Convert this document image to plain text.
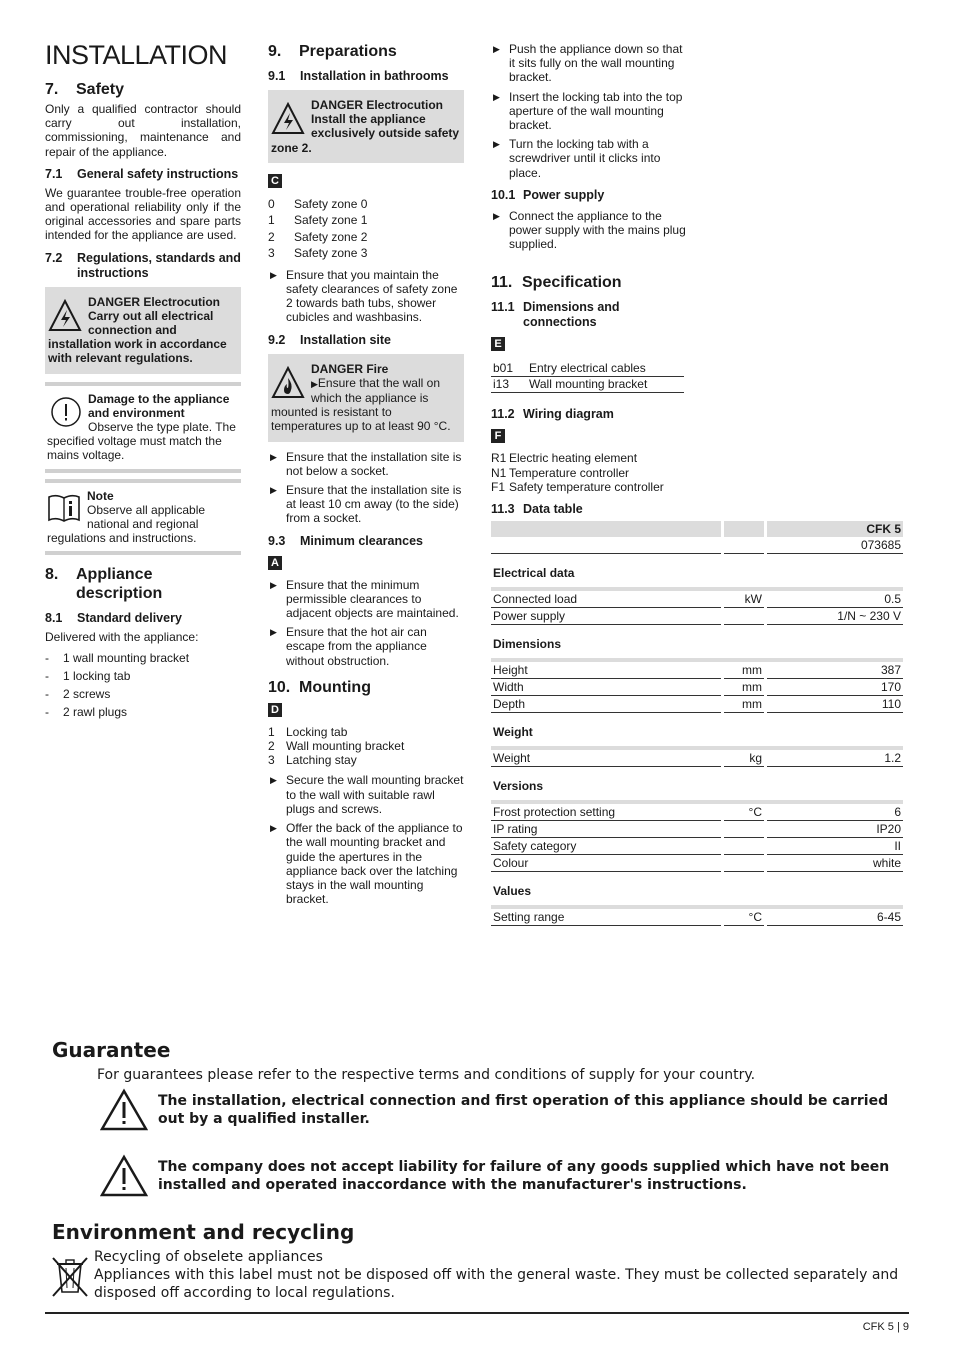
INSTALLATION
7.	Safety

Only a qualified contractor should carry out installation, commissioning, maintenance and repair of the appliance.

7.1	General safety instructions

We guarantee trouble-free operation and operational reliability only if the original accessories and spare parts intended for the appliance are used.

7.2	Regulations, standards and instructions
DANGER Electrocution
Carry out all electrical connection and installation work in accordance with relevant regulations.
Damage to the appliance and environment
Observe the type plate. The specified voltage must match the mains voltage.
Note
Observe all applicable national and regional regulations and instructions.
8.	Appliance description
8.1	Standard delivery

Delivered with the appliance:

- 1 wall mounting bracket
- 1 locking tab
- 2 screws
- 2 rawl plugs
9.	Preparations
9.1	Installation in bathrooms
DANGER Electrocution
Install the appliance exclusively outside safety zone 2.
C
0	Safety zone 0
1	Safety zone 1
2	Safety zone 2
3	Safety zone 3
▶ Ensure that you maintain the safety clearances of safety zone 2 towards bath tubs, shower cubicles and washbasins.
9.2	Installation site
DANGER Fire
▶Ensure that the wall on which the appliance is mounted is resistant to temperatures up to at least 90 °C.
▶ Ensure that the installation site is not below a socket.
▶ Ensure that the installation site is at least 10 cm away (to the side) from a socket.
9.3	Minimum clearances
A
▶ Ensure that the minimum permissible clearances to adjacent objects are maintained.
▶ Ensure that the hot air can escape from the appliance without obstruction.
10. Mounting
D
1 Locking tab
2 Wall mounting bracket
3 Latching stay
▶ Secure the wall mounting bracket to the wall with suitable rawl plugs and screws.
▶ Offer the back of the appliance to the wall mounting bracket and guide the apertures in the appliance back over the latching stays in the wall mounting bracket.
▶ Push the appliance down so that it sits fully on the wall mounting bracket.
▶ Insert the locking tab into the top aperture of the wall mounting bracket.
▶ Turn the locking tab with a screwdriver until it clicks into place.
10.1 Power supply
▶ Connect the appliance to the power supply with the mains plug supplied.
11. Specification
11.1 Dimensions and connections
E
b01	Entry electrical cables
i13	Wall mounting bracket
11.2 Wiring diagram
F
R1 Electric heating element
N1 Temperature controller
F1 Safety temperature controller
11.3 Data table
		CFK 5
		073685
Electrical data		

Connected load	kW	0.5
Power supply		1/N ~ 230 V
Dimensions		

Height	mm	387
Width	mm	170
Depth	mm	110
Weight		

Weight	kg	1.2
Versions		

Frost protection setting	°C	6
IP rating		IP20
Safety category		II
Colour		white
Values		

Setting range	°C	6-45
Guarantee

For guarantees please refer to the respective terms and conditions of supply for your country.

The installation, electrical connection and first operation of this appliance should be carried out by a qualified installer.

The company does not accept liability for failure of any goods supplied which have not been installed and operated inaccordance with the manufacturer's instructions.

Environment and recycling

Recycling of obselete appliances

Appliances with this label must not be disposed off with the general waste. They must be collected separately and disposed off according to local regulations.

CFK 5 | 9
